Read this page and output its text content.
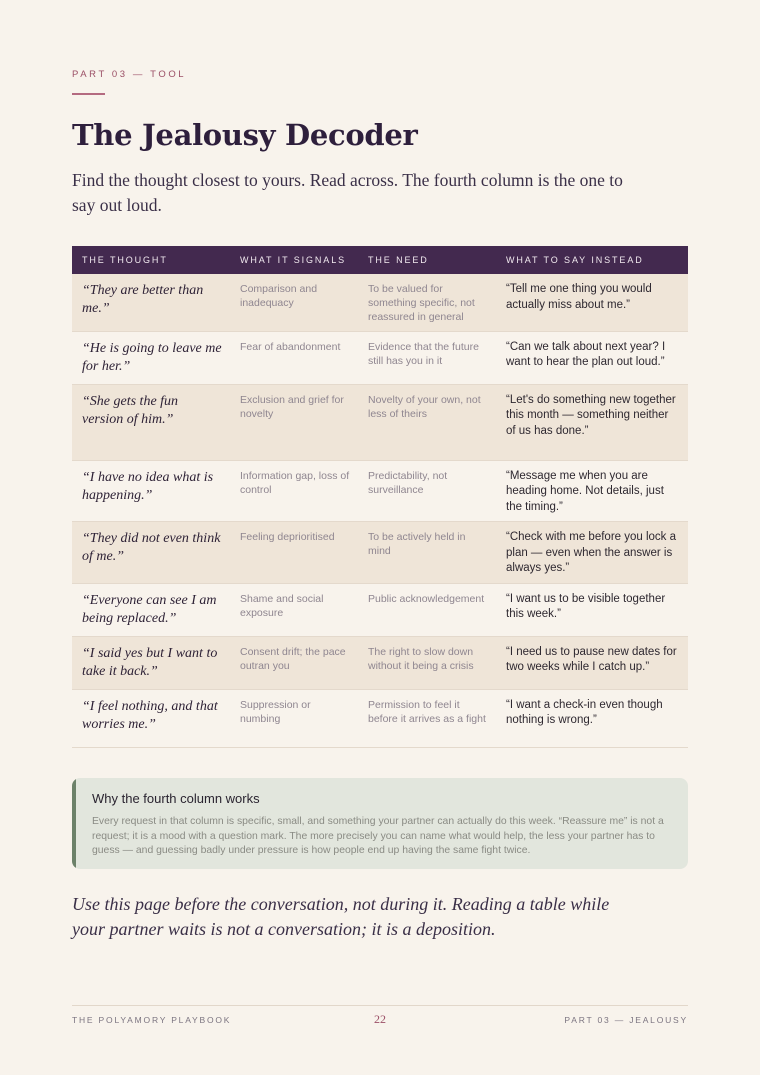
PART 03 — TOOL
The Jealousy Decoder

Find the thought closest to yours. Read across. The fourth column is the one to say out loud.

THE THOUGHT	WHAT IT SIGNALS	THE NEED	WHAT TO SAY INSTEAD
“They are better than me.”	Comparison and inadequacy	To be valued for something specific, not reassured in general	“Tell me one thing you would actually miss about me.”
“He is going to leave me for her.”	Fear of abandonment	Evidence that the future still has you in it	“Can we talk about next year? I want to hear the plan out loud.”
“She gets the fun version of him.”	Exclusion and grief for novelty	Novelty of your own, not less of theirs	“Let's do something new together this month — something neither of us has done.”
“I have no idea what is happening.”	Information gap, loss of control	Predictability, not surveillance	“Message me when you are heading home. Not details, just the timing.”
“They did not even think of me.”	Feeling deprioritised	To be actively held in mind	“Check with me before you lock a plan — even when the answer is always yes.”
“Everyone can see I am being replaced.”	Shame and social exposure	Public acknowledgement	“I want us to be visible together this week.”
“I said yes but I want to take it back.”	Consent drift; the pace outran you	The right to slow down without it being a crisis	“I need us to pause new dates for two weeks while I catch up.”
“I feel nothing, and that worries me.”	Suppression or numbing	Permission to feel it before it arrives as a fight	“I want a check-in even though nothing is wrong.”
Why the fourth column works

Every request in that column is specific, small, and something your partner can actually do this week. “Reassure me” is not a request; it is a mood with a question mark. The more precisely you can name what would help, the less your partner has to guess — and guessing badly under pressure is how people end up having the same fight twice.

Use this page before the conversation, not during it. Reading a table while your partner waits is not a conversation; it is a deposition.

THE POLYAMORY PLAYBOOK	22	PART 03 — JEALOUSY
